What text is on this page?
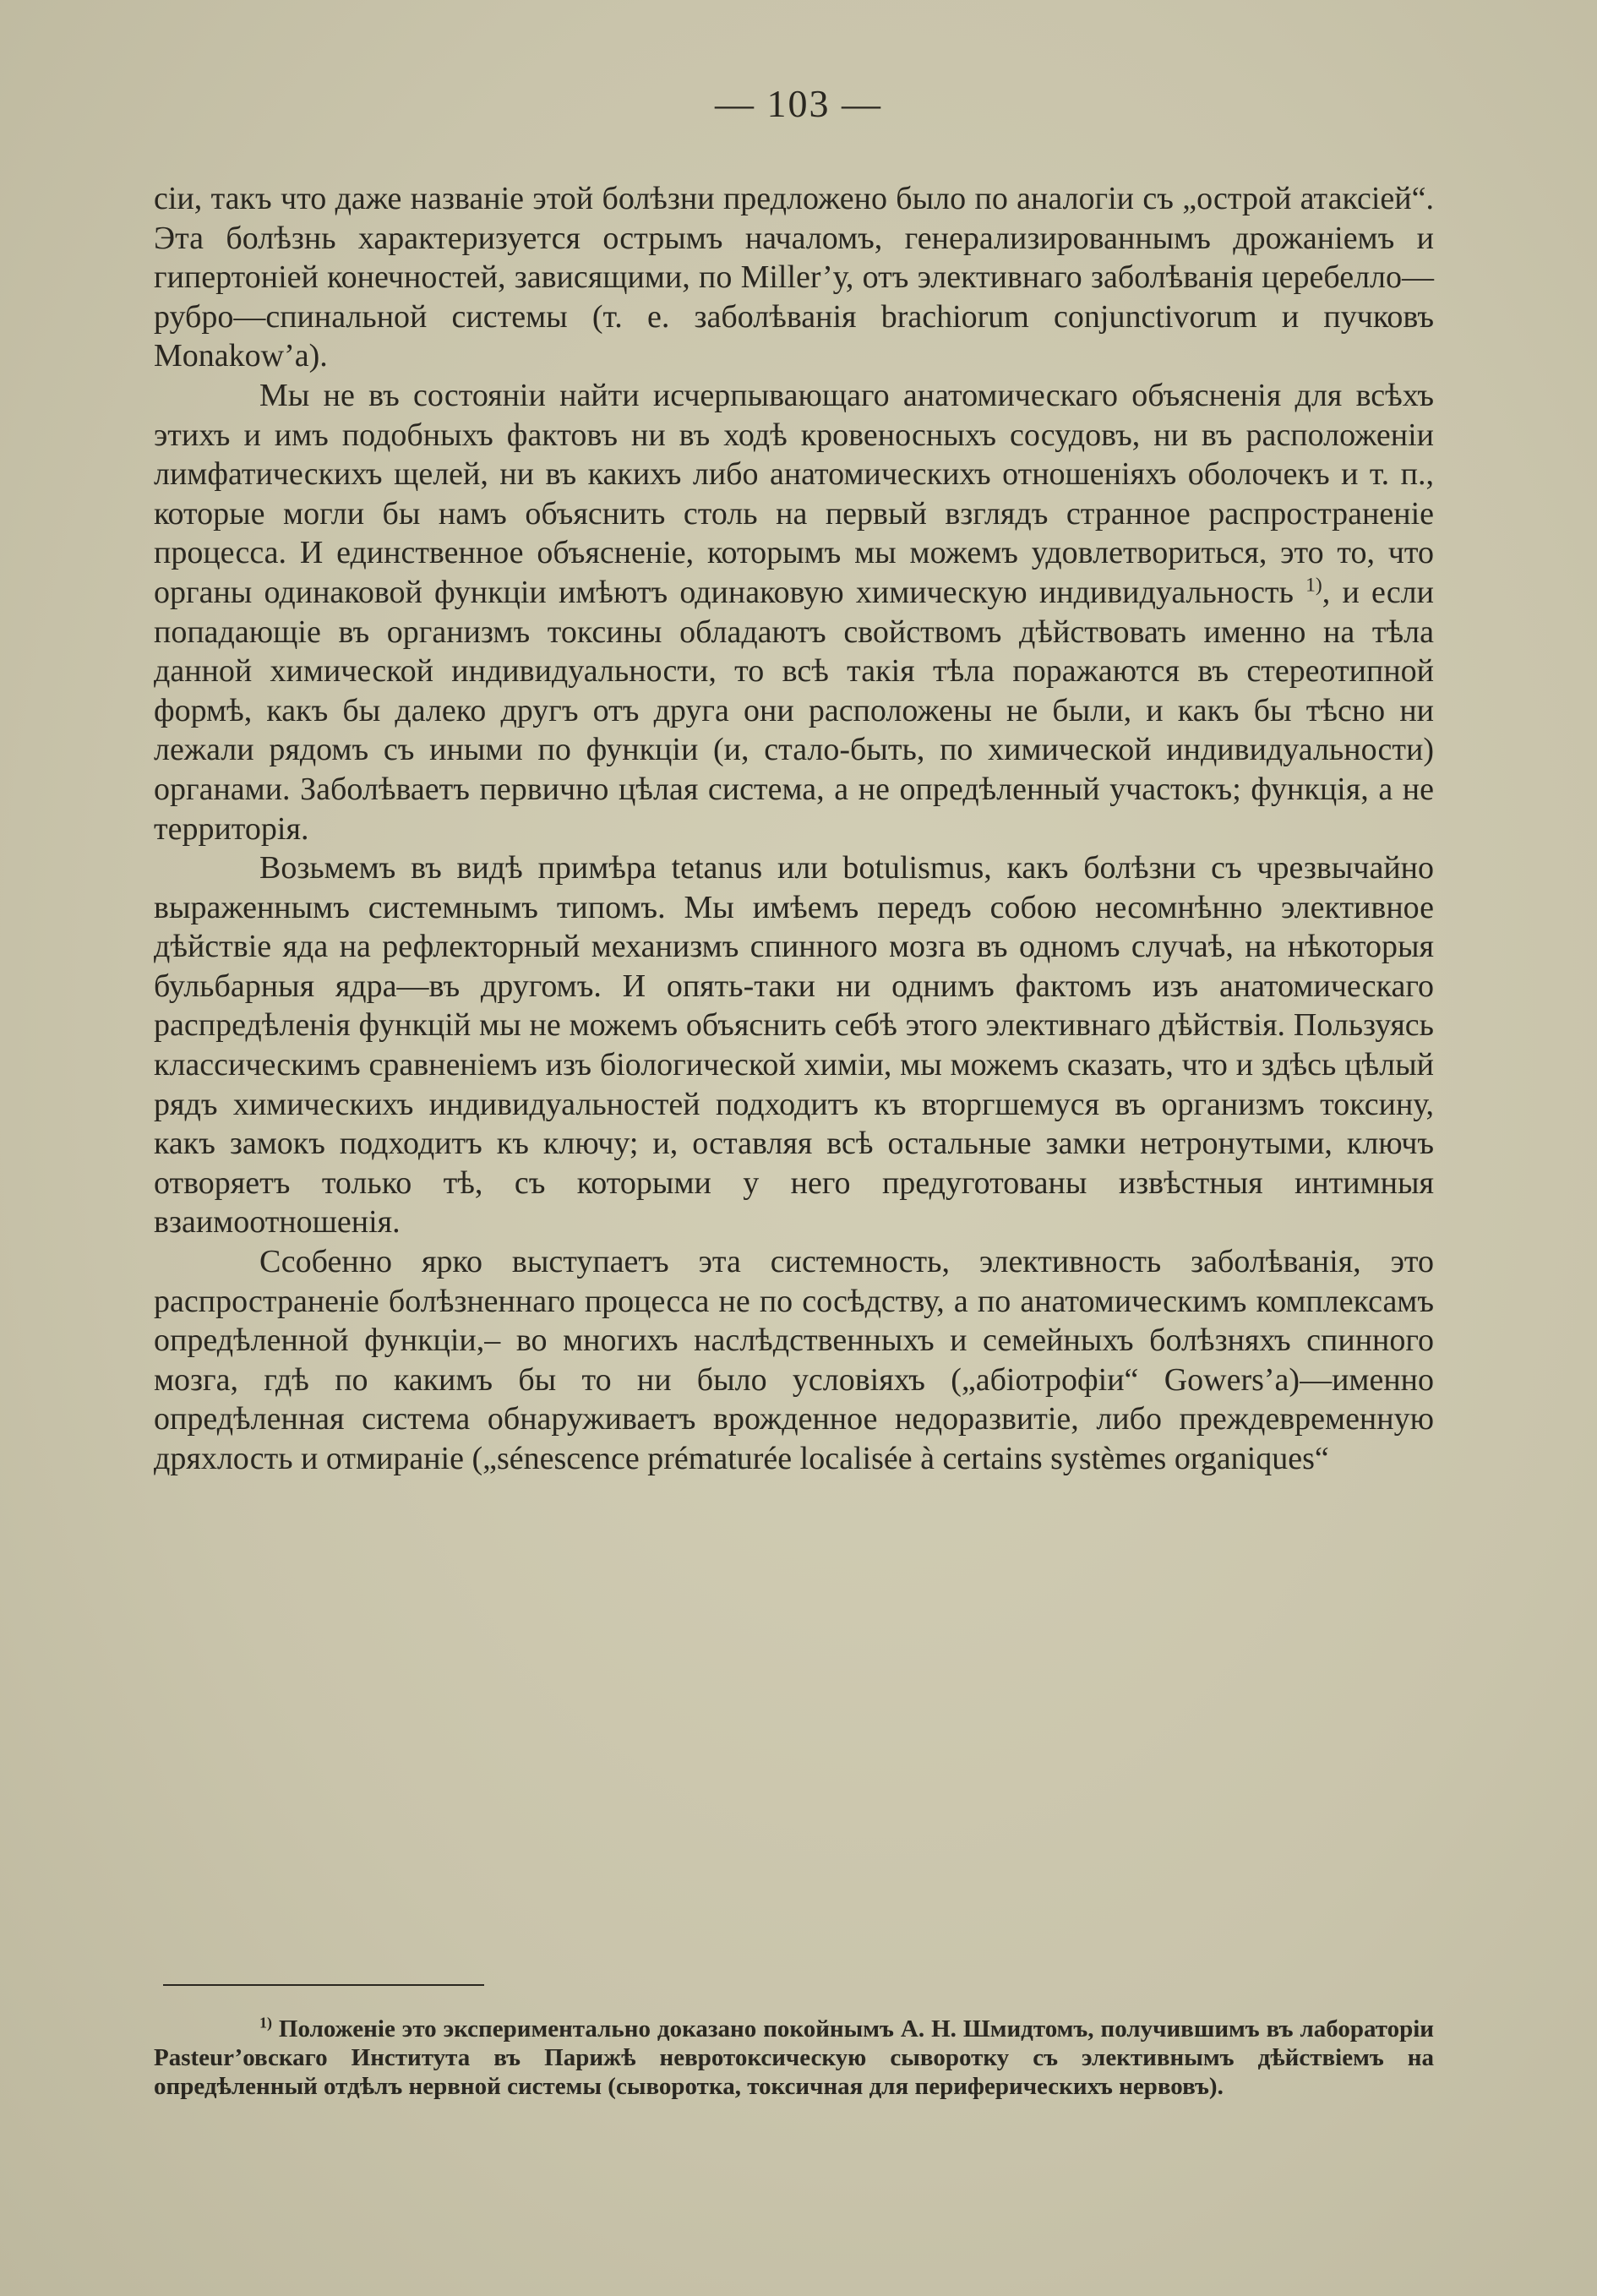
— 103 —

ciи, такъ что даже названіе этой болѣзни предложено было по аналогіи съ „острой атаксіей“. Эта болѣзнь характеризуется острымъ началомъ, генерализированнымъ дрожаніемъ и гипертоніей конечностей, зависящими, по Miller’у, отъ элективнаго заболѣванія церебелло—рубро—спинальной системы (т. е. заболѣванія brachiorum conjunctivorum и пучковъ Monakow’a).

Мы не въ состояніи найти исчерпывающаго анатомическаго объясненія для всѣхъ этихъ и имъ подобныхъ фактовъ ни въ ходѣ кровеносныхъ сосудовъ, ни въ расположеніи лимфатическихъ щелей, ни въ какихъ либо анатомическихъ отношеніяхъ оболочекъ и т. п., которые могли бы намъ объяснить столь на первый взглядъ странное распространеніе процесса. И единственное объясненіе, которымъ мы можемъ удовлетвориться, это то, что органы одинаковой функціи имѣютъ одинаковую химическую индивидуальность $^{1)}$, и если попадающіе въ организмъ токсины обладаютъ свойствомъ дѣйствовать именно на тѣла данной химической индивидуальности, то всѣ такія тѣла поражаются въ стереотипной формѣ, какъ бы далеко другъ отъ друга они расположены не были, и какъ бы тѣсно ни лежали рядомъ съ иными по функціи (и, стало-быть, по химической индивидуальности) органами. Заболѣваетъ первично цѣлая система, а не опредѣленный участокъ; функція, а не территорія.

Возьмемъ въ видѣ примѣра tetanus или botulismus, какъ болѣзни съ чрезвычайно выраженнымъ системнымъ типомъ. Мы имѣемъ передъ собою несомнѣнно элективное дѣйствіе яда на рефлекторный механизмъ спинного мозга въ одномъ случаѣ, на нѣкоторыя бульбарныя ядра—въ другомъ. И опять-таки ни однимъ фактомъ изъ анатомическаго распредѣленія функцій мы не можемъ объяснить себѣ этого элективнаго дѣйствія. Пользуясь классическимъ сравненіемъ изъ біологической химіи, мы можемъ сказать, что и здѣсь цѣлый рядъ химическихъ индивидуальностей подходитъ къ вторгшемуся въ организмъ токсину, какъ замокъ подходитъ къ ключу; и, оставляя всѣ остальные замки нетронутыми, ключъ отворяетъ только тѣ, съ которыми у него предуготованы извѣстныя интимныя взаимоотношенія.

Ссобенно ярко выступаетъ эта системность, элективность заболѣванія, это распространеніе болѣзненнаго процесса не по сосѣдству, а по анатомическимъ комплексамъ опредѣленной функціи,– во многихъ наслѣдственныхъ и семейныхъ болѣзняхъ спинного мозга, гдѣ по какимъ бы то ни было условіяхъ („абіотрофіи“ Gowers’a)—именно опредѣленная система обнаруживаетъ врожденное недоразвитіе, либо преждевременную дряхлость и отмираніе („sénescence prématurée localisée à certains systèmes organiques“

$^{1)}$ Положеніе это экспериментально доказано покойнымъ А. Н. Шмидтомъ, получившимъ въ лабораторіи Pasteur’овскаго Института въ Парижѣ невротоксическую сыворотку съ элективнымъ дѣйствіемъ на опредѣленный отдѣлъ нервной системы (сыворотка, токсичная для периферическихъ нервовъ).
